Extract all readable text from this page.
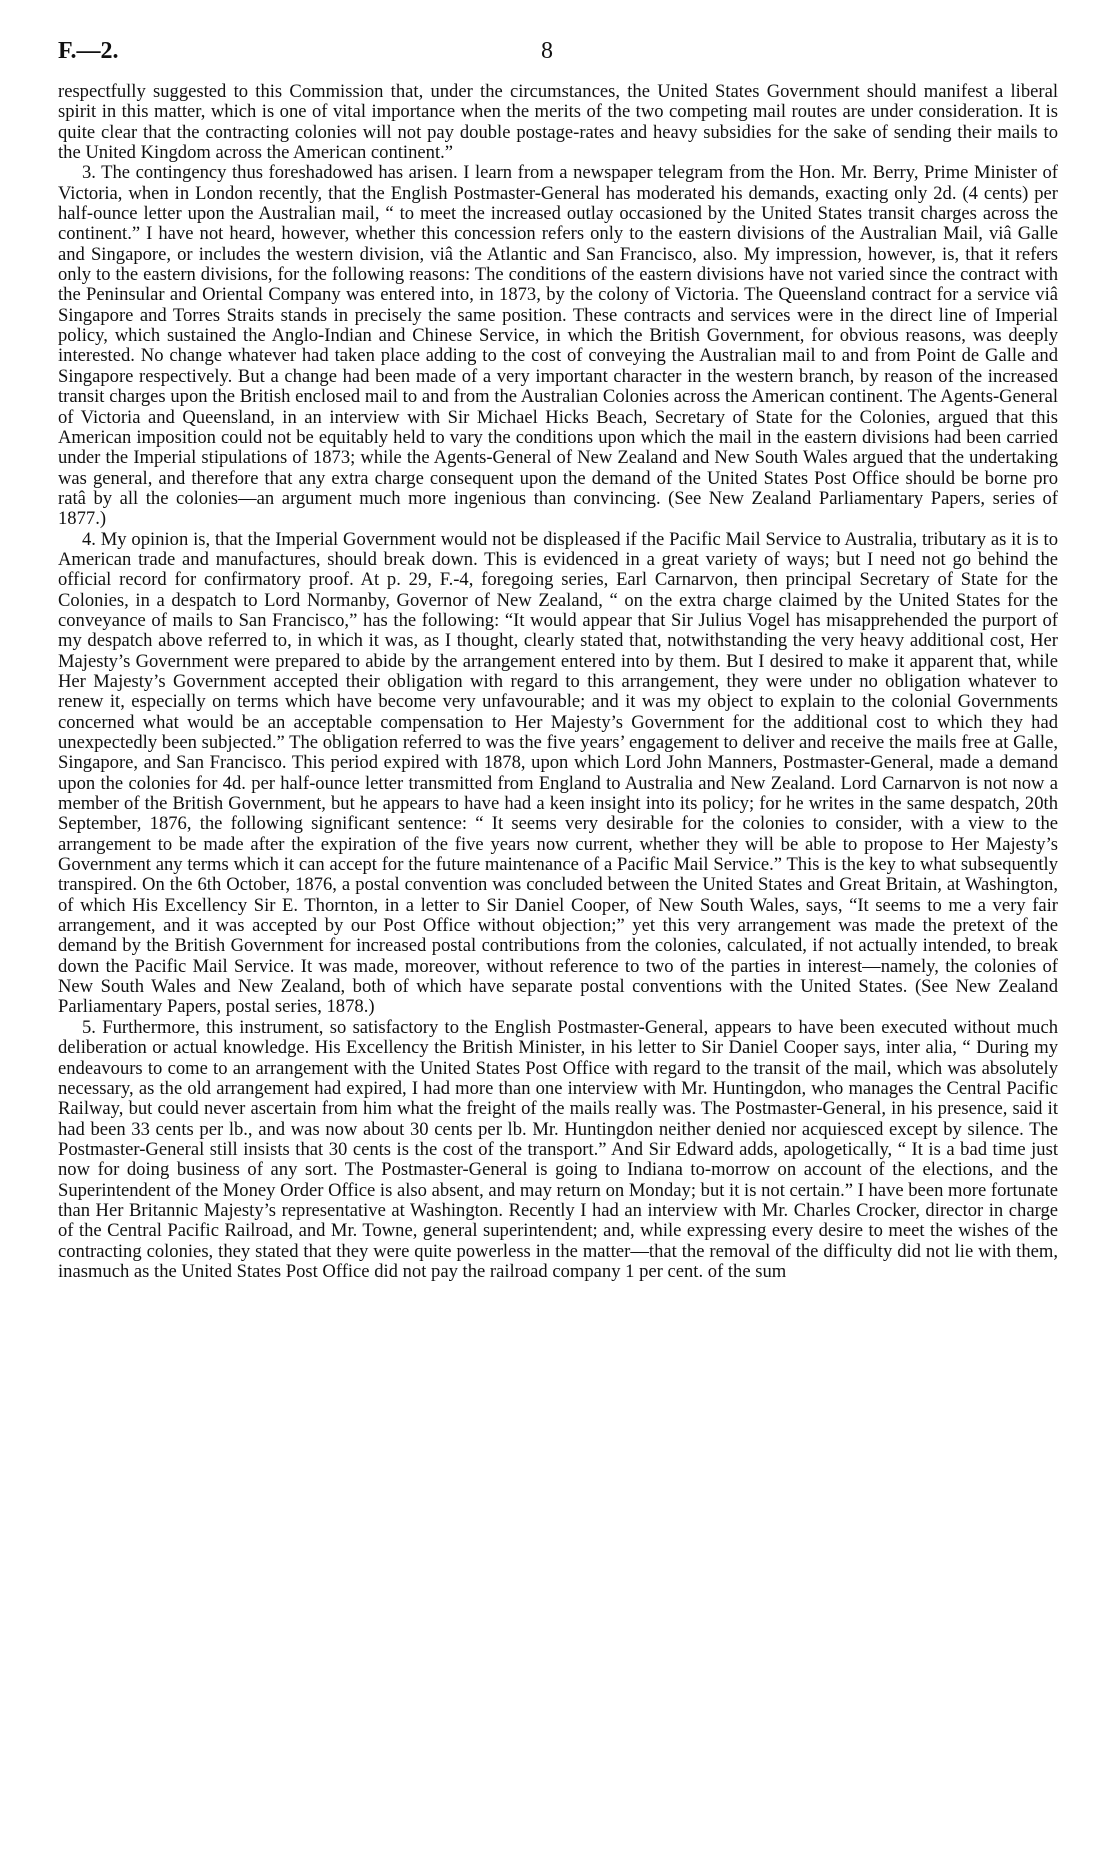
F.—2.	8

respectfully suggested to this Commission that, under the circumstances, the United States Government should manifest a liberal spirit in this matter, which is one of vital importance when the merits of the two competing mail routes are under consideration. It is quite clear that the contracting colonies will not pay double postage-rates and heavy subsidies for the sake of sending their mails to the United Kingdom across the American continent.”

3. The contingency thus foreshadowed has arisen. I learn from a newspaper telegram from the Hon. Mr. Berry, Prime Minister of Victoria, when in London recently, that the English Postmaster-General has moderated his demands, exacting only 2d. (4 cents) per half-ounce letter upon the Australian mail, “ to meet the increased outlay occasioned by the United States transit charges across the continent.” I have not heard, however, whether this concession refers only to the eastern divisions of the Australian Mail, viâ Galle and Singapore, or includes the western division, viâ the Atlantic and San Francisco, also. My impression, however, is, that it refers only to the eastern divisions, for the following reasons: The conditions of the eastern divisions have not varied since the contract with the Peninsular and Oriental Company was entered into, in 1873, by the colony of Victoria. The Queensland contract for a service viâ Singapore and Torres Straits stands in precisely the same position. These contracts and services were in the direct line of Imperial policy, which sustained the Anglo-Indian and Chinese Service, in which the British Government, for obvious reasons, was deeply interested. No change whatever had taken place adding to the cost of conveying the Australian mail to and from Point de Galle and Singapore respectively. But a change had been made of a very important character in the western branch, by reason of the increased transit charges upon the British enclosed mail to and from the Australian Colonies across the American continent. The Agents-General of Victoria and Queensland, in an interview with Sir Michael Hicks Beach, Secretary of State for the Colonies, argued that this American imposition could not be equitably held to vary the conditions upon which the mail in the eastern divisions had been carried under the Imperial stipulations of 1873; while the Agents-General of New Zealand and New South Wales argued that the undertaking was general, and therefore that any extra charge consequent upon the demand of the United States Post Office should be borne pro ratâ by all the colonies—an argument much more ingenious than convincing. (See New Zealand Parliamentary Papers, series of 1877.)

4. My opinion is, that the Imperial Government would not be displeased if the Pacific Mail Service to Australia, tributary as it is to American trade and manufactures, should break down. This is evidenced in a great variety of ways; but I need not go behind the official record for confirmatory proof. At p. 29, F.-4, foregoing series, Earl Carnarvon, then principal Secretary of State for the Colonies, in a despatch to Lord Normanby, Governor of New Zealand, “ on the extra charge claimed by the United States for the conveyance of mails to San Francisco,” has the following: “It would appear that Sir Julius Vogel has misapprehended the purport of my despatch above referred to, in which it was, as I thought, clearly stated that, notwithstanding the very heavy additional cost, Her Majesty’s Government were prepared to abide by the arrangement entered into by them. But I desired to make it apparent that, while Her Majesty’s Government accepted their obligation with regard to this arrangement, they were under no obligation whatever to renew it, especially on terms which have become very unfavourable; and it was my object to explain to the colonial Governments concerned what would be an acceptable compensation to Her Majesty’s Government for the additional cost to which they had unexpectedly been subjected.” The obligation referred to was the five years’ engagement to deliver and receive the mails free at Galle, Singapore, and San Francisco. This period expired with 1878, upon which Lord John Manners, Postmaster-General, made a demand upon the colonies for 4d. per half-ounce letter transmitted from England to Australia and New Zealand. Lord Carnarvon is not now a member of the British Government, but he appears to have had a keen insight into its policy; for he writes in the same despatch, 20th September, 1876, the following significant sentence: “ It seems very desirable for the colonies to consider, with a view to the arrangement to be made after the expiration of the five years now current, whether they will be able to propose to Her Majesty’s Government any terms which it can accept for the future maintenance of a Pacific Mail Service.” This is the key to what subsequently transpired. On the 6th October, 1876, a postal convention was concluded between the United States and Great Britain, at Washington, of which His Excellency Sir E. Thornton, in a letter to Sir Daniel Cooper, of New South Wales, says, “It seems to me a very fair arrangement, and it was accepted by our Post Office without objection;” yet this very arrangement was made the pretext of the demand by the British Government for increased postal contributions from the colonies, calculated, if not actually intended, to break down the Pacific Mail Service. It was made, moreover, without reference to two of the parties in interest—namely, the colonies of New South Wales and New Zealand, both of which have separate postal conventions with the United States. (See New Zealand Parliamentary Papers, postal series, 1878.)

5. Furthermore, this instrument, so satisfactory to the English Postmaster-General, appears to have been executed without much deliberation or actual knowledge. His Excellency the British Minister, in his letter to Sir Daniel Cooper says, inter alia, “ During my endeavours to come to an arrangement with the United States Post Office with regard to the transit of the mail, which was absolutely necessary, as the old arrangement had expired, I had more than one interview with Mr. Huntingdon, who manages the Central Pacific Railway, but could never ascertain from him what the freight of the mails really was. The Postmaster-General, in his presence, said it had been 33 cents per lb., and was now about 30 cents per lb. Mr. Huntingdon neither denied nor acquiesced except by silence. The Postmaster-General still insists that 30 cents is the cost of the transport.” And Sir Edward adds, apologetically, “ It is a bad time just now for doing business of any sort. The Postmaster-General is going to Indiana to-morrow on account of the elections, and the Superintendent of the Money Order Office is also absent, and may return on Monday; but it is not certain.” I have been more fortunate than Her Britannic Majesty’s representative at Washington. Recently I had an interview with Mr. Charles Crocker, director in charge of the Central Pacific Railroad, and Mr. Towne, general superintendent; and, while expressing every desire to meet the wishes of the contracting colonies, they stated that they were quite powerless in the matter—that the removal of the difficulty did not lie with them, inasmuch as the United States Post Office did not pay the railroad company 1 per cent. of the sum
